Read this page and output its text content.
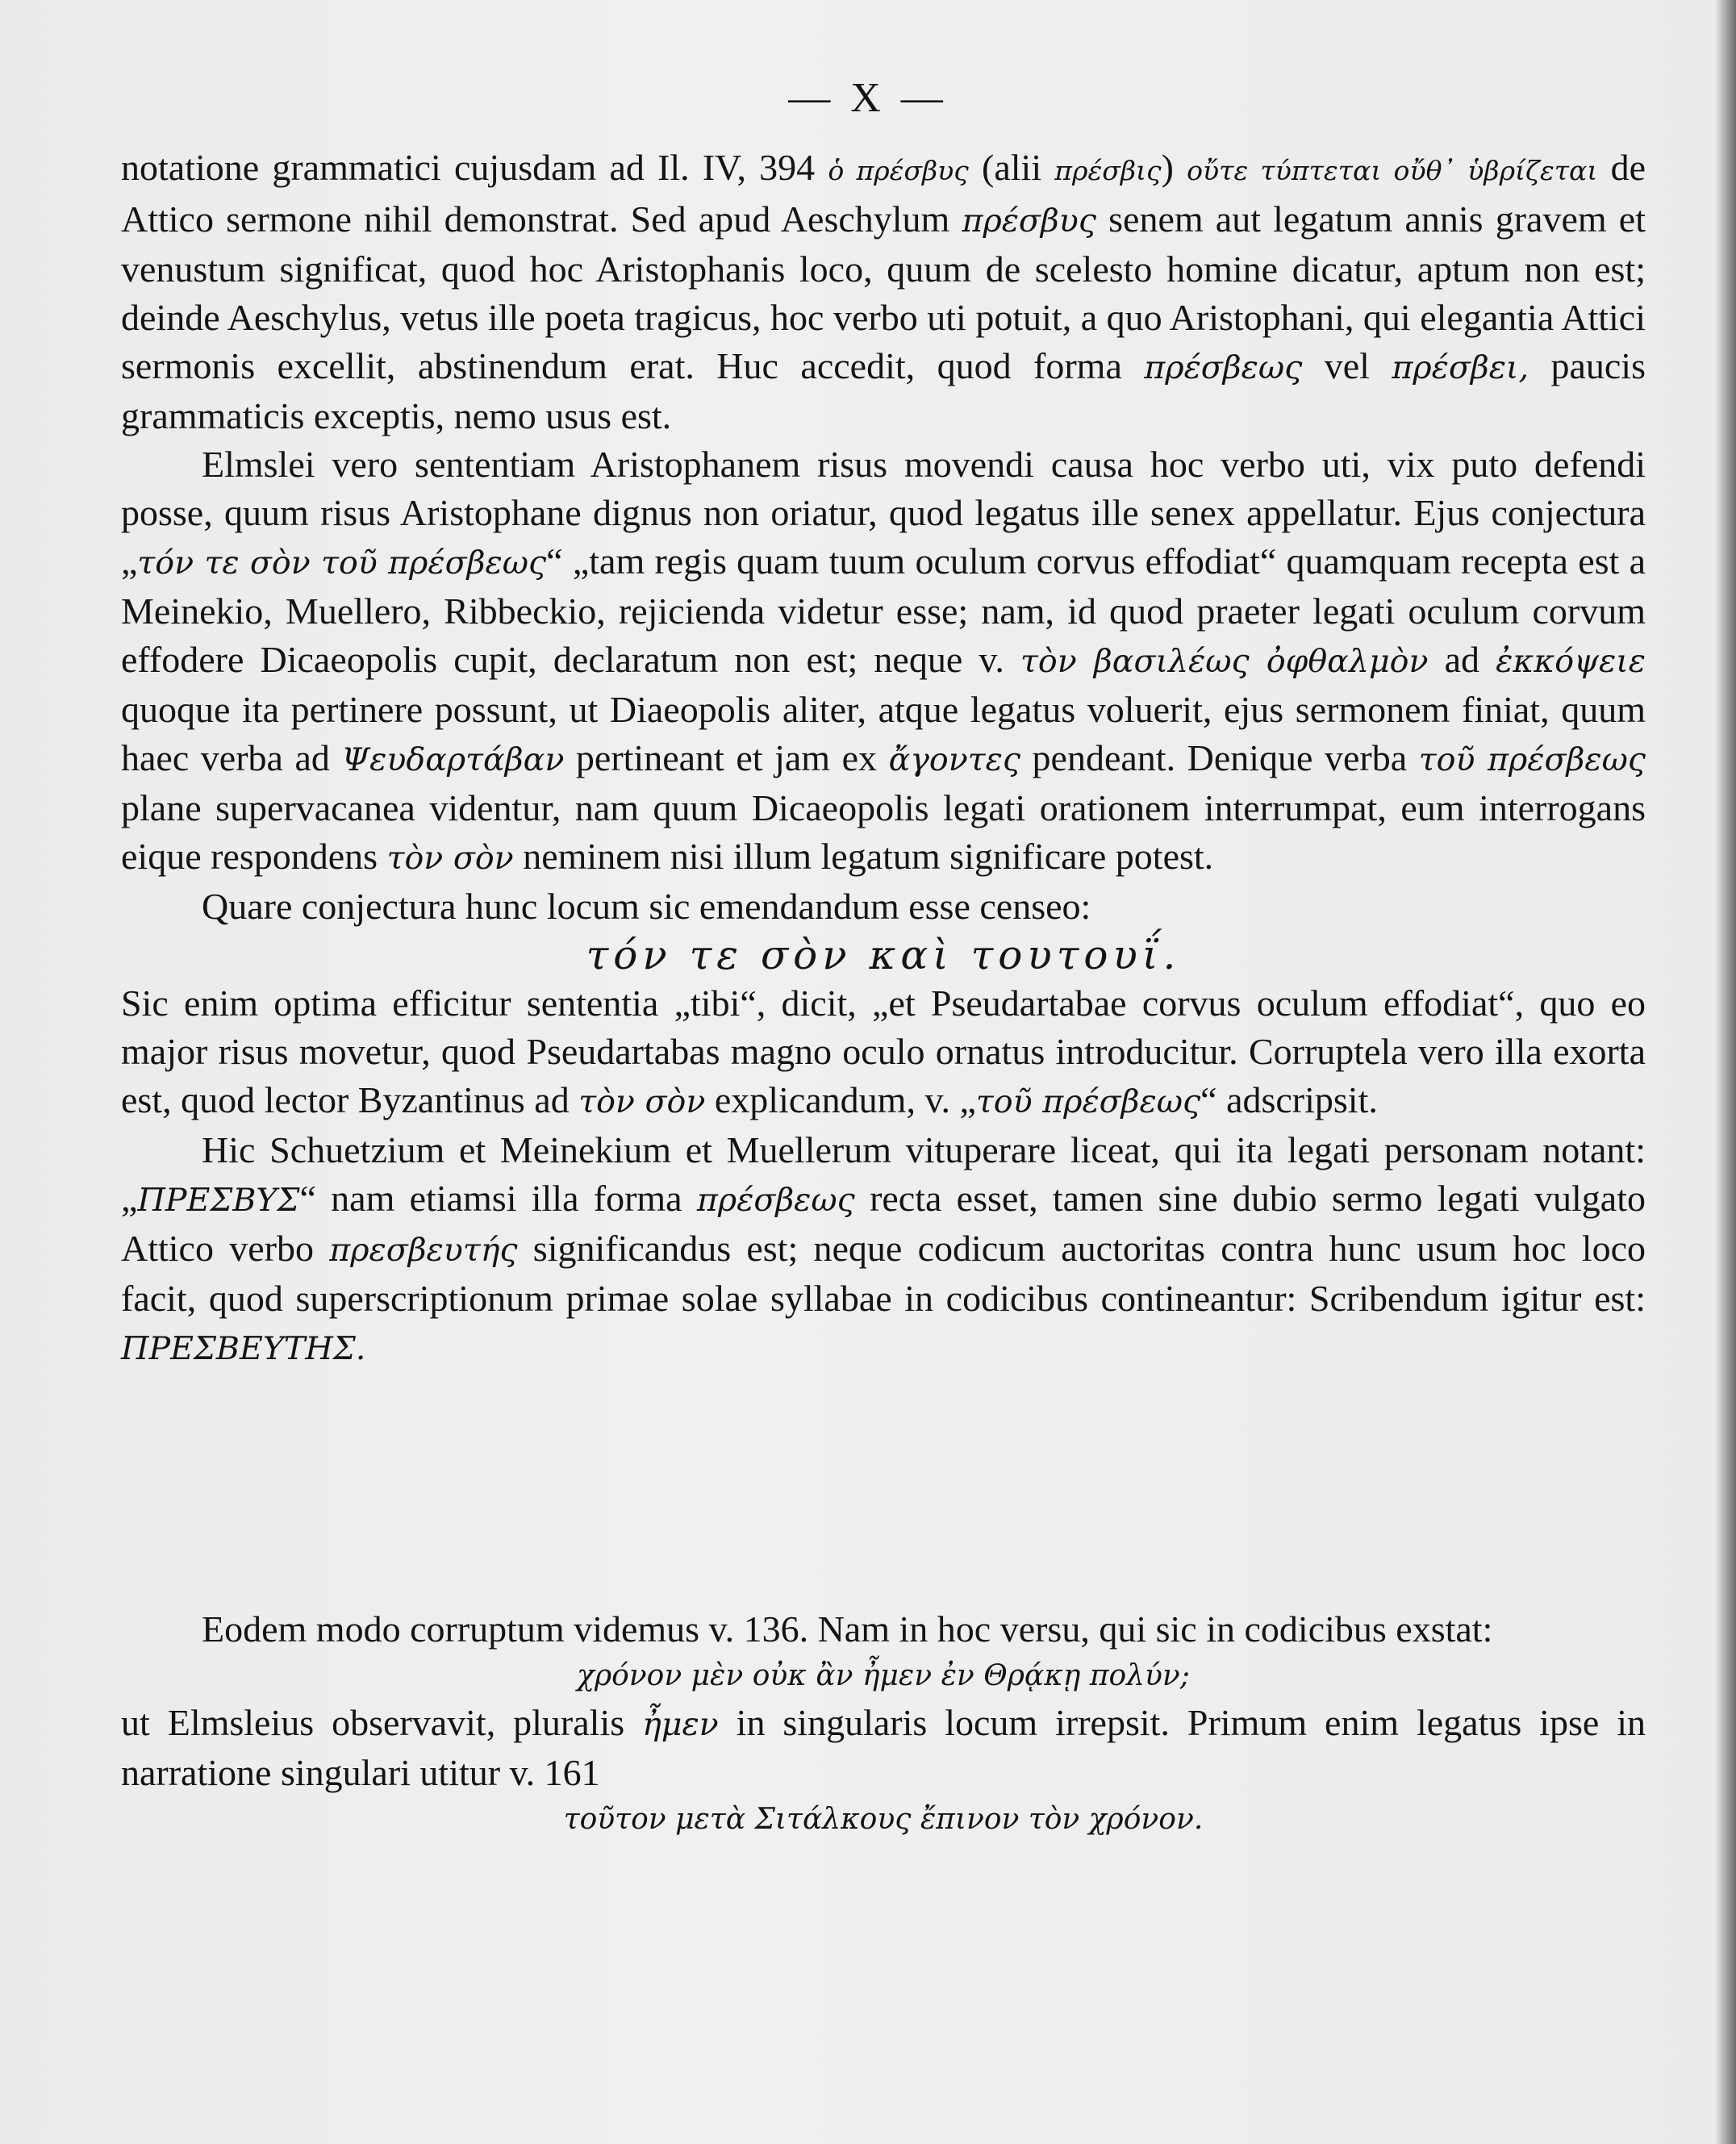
— X —

notatione grammatici cujusdam ad Il. IV, 394 ὁ πρέσβυς (alii πρέσβις) οὔτε τύπτεται οὔθ᾽ ὑβρίζεται de Attico sermone nihil demonstrat. Sed apud Aeschylum πρέσβυς senem aut legatum annis gravem et venustum significat, quod hoc Aristophanis loco, quum de scelesto homine dicatur, aptum non est; deinde Aeschylus, vetus ille poeta tragicus, hoc verbo uti potuit, a quo Aristophani, qui elegantia Attici sermonis excellit, abstinendum erat. Huc accedit, quod forma πρέσβεως vel πρέσβει, paucis grammaticis exceptis, nemo usus est.

Elmslei vero sententiam Aristophanem risus movendi causa hoc verbo uti, vix puto defendi posse, quum risus Aristophane dignus non oriatur, quod legatus ille senex appellatur. Ejus conjectura „τόν τε σὸν τοῦ πρέσβεως“ „tam regis quam tuum oculum corvus effodiat“ quamquam recepta est a Meinekio, Muellero, Ribbeckio, rejicienda videtur esse; nam, id quod praeter legati oculum corvum effodere Dicaeopolis cupit, declaratum non est; neque v. τὸν βασιλέως ὀφθαλμὸν ad ἐκκόψειε quoque ita pertinere possunt, ut Diaeopolis aliter, atque legatus voluerit, ejus sermonem finiat, quum haec verba ad Ψευδαρτάβαν pertineant et jam ex ἄγοντες pendeant. Denique verba τοῦ πρέσβεως plane supervacanea videntur, nam quum Dicaeopolis legati orationem interrumpat, eum interrogans eique respondens τὸν σὸν neminem nisi illum legatum significare potest.

Quare conjectura hunc locum sic emendandum esse censeo:

τόν τε σὸν καὶ τουτουΐ.

Sic enim optima efficitur sententia „tibi“, dicit, „et Pseudartabae corvus oculum effodiat“, quo eo major risus movetur, quod Pseudartabas magno oculo ornatus introducitur. Corruptela vero illa exorta est, quod lector Byzantinus ad τὸν σὸν explicandum, v. „τοῦ πρέσβεως“ adscripsit.

Hic Schuetzium et Meinekium et Muellerum vituperare liceat, qui ita legati personam notant: „ΠΡΕΣΒΥΣ“ nam etiamsi illa forma πρέσβεως recta esset, tamen sine dubio sermo legati vulgato Attico verbo πρεσβευτής significandus est; neque codicum auctoritas contra hunc usum hoc loco facit, quod superscriptionum primae solae syllabae in codicibus contineantur: Scribendum igitur est: ΠΡΕΣΒΕΥΤΗΣ.

Eodem modo corruptum videmus v. 136. Nam in hoc versu, qui sic in codicibus exstat:

χρόνον μὲν οὐκ ἂν ἦμεν ἐν Θρᾴκῃ πολύν;

ut Elmsleius observavit, pluralis ἦμεν in singularis locum irrepsit. Primum enim legatus ipse in narratione singulari utitur v. 161

τοῦτον μετὰ Σιτάλκους ἔπινον τὸν χρόνον.
